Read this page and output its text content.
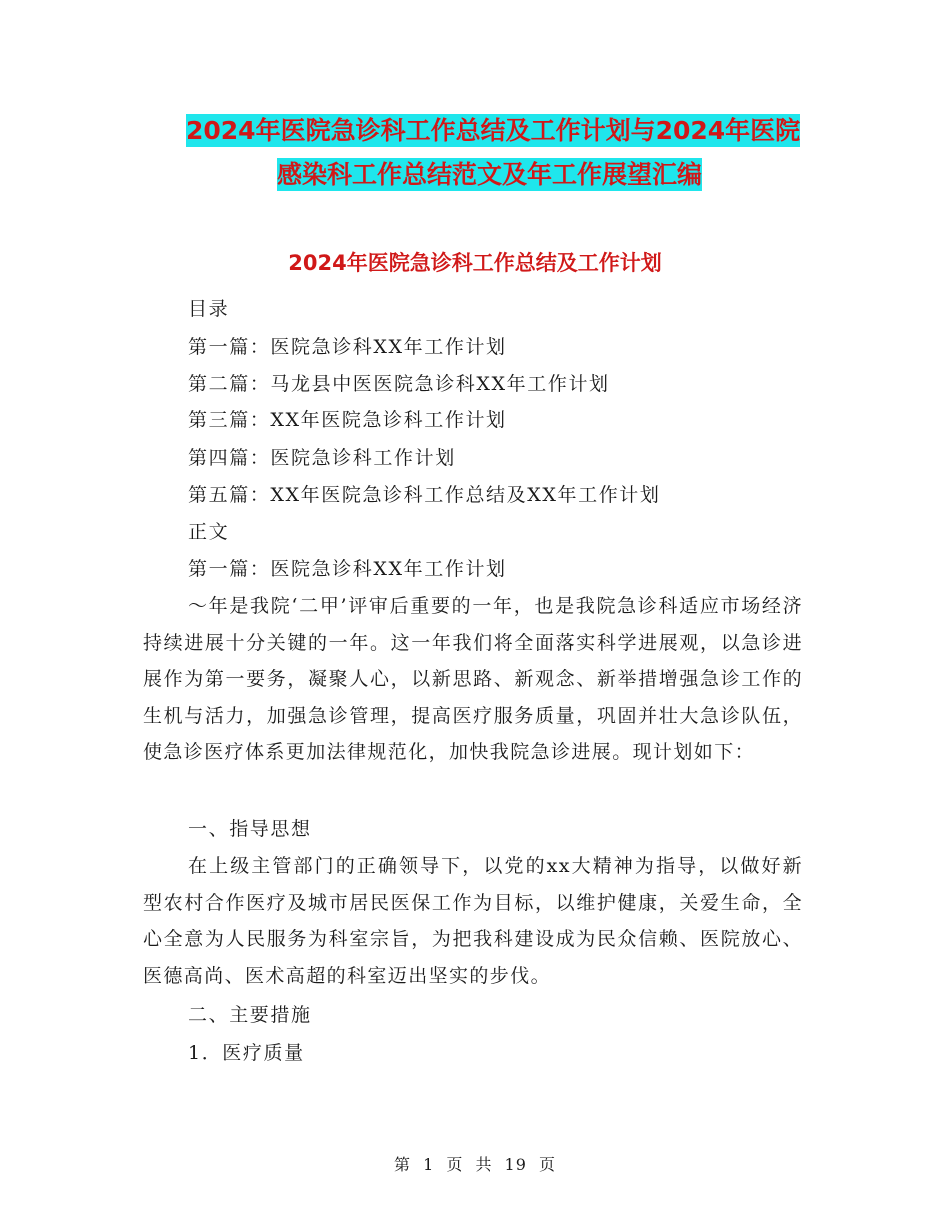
2024年医院急诊科工作总结及工作计划与2024年医院
感染科工作总结范文及年工作展望汇编
2024年医院急诊科工作总结及工作计划
目录
第一篇：医院急诊科XX年工作计划
第二篇：马龙县中医医院急诊科XX年工作计划
第三篇：XX年医院急诊科工作计划
第四篇：医院急诊科工作计划
第五篇：XX年医院急诊科工作总结及XX年工作计划
正文
第一篇：医院急诊科XX年工作计划

～年是我院‘二甲’评审后重要的一年，也是我院急诊科适应市场经济持续进展十分关键的一年。这一年我们将全面落实科学进展观，以急诊进展作为第一要务，凝聚人心，以新思路、新观念、新举措增强急诊工作的生机与活力，加强急诊管理，提高医疗服务质量，巩固并壮大急诊队伍，使急诊医疗体系更加法律规范化，加快我院急诊进展。现计划如下：

一、指导思想

在上级主管部门的正确领导下，以党的xx大精神为指导，以做好新型农村合作医疗及城市居民医保工作为目标，以维护健康，关爱生命，全心全意为人民服务为科室宗旨，为把我科建设成为民众信赖、医院放心、医德高尚、医术高超的科室迈出坚实的步伐。

二、主要措施
1．医疗质量
第 1 页 共 19 页
